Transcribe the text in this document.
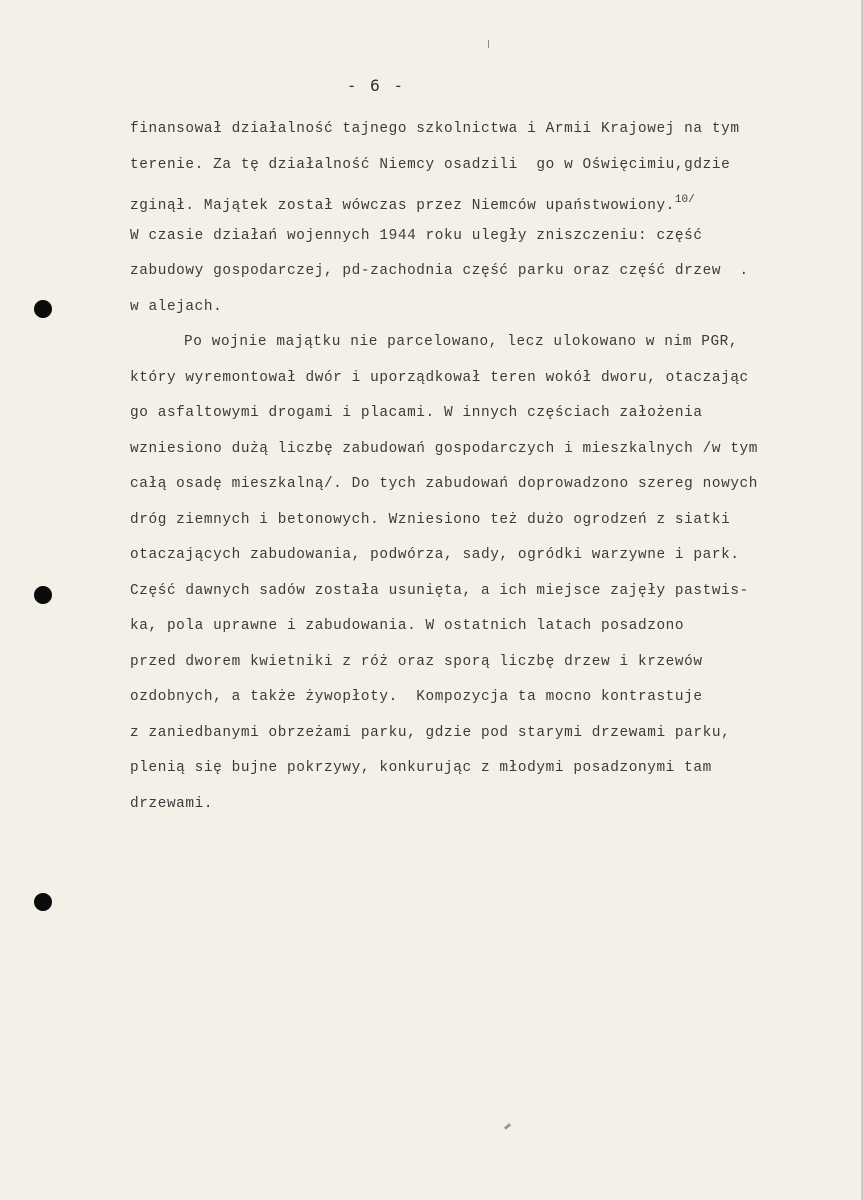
- 6 -
finansował działalność tajnego szkolnictwa i Armii Krajowej na tym
terenie. Za tę działalność Niemcy osadzili  go w Oświęcimiu,gdzie
zginął. Majątek został wówczas przez Niemców upaństwowiony.$^{10/}$
W czasie działań wojennych 1944 roku uległy zniszczeniu: część
zabudowy gospodarczej, pd-zachodnia część parku oraz część drzew  .
w alejach.
Po wojnie majątku nie parcelowano, lecz ulokowano w nim PGR,
który wyremontował dwór i uporządkował teren wokół dworu, otaczając
go asfaltowymi drogami i placami. W innych częściach założenia
wzniesiono dużą liczbę zabudowań gospodarczych i mieszkalnych /w tym
całą osadę mieszkalną/. Do tych zabudowań doprowadzono szereg nowych
dróg ziemnych i betonowych. Wzniesiono też dużo ogrodzeń z siatki
otaczających zabudowania, podwórza, sady, ogródki warzywne i park.
Część dawnych sadów została usunięta, a ich miejsce zajęły pastwis-
ka, pola uprawne i zabudowania. W ostatnich latach posadzono
przed dworem kwietniki z róż oraz sporą liczbę drzew i krzewów
ozdobnych, a także żywopłoty.  Kompozycja ta mocno kontrastuje
z zaniedbanymi obrzeżami parku, gdzie pod starymi drzewami parku,
plenią się bujne pokrzywy, konkurując z młodymi posadzonymi tam
drzewami.
